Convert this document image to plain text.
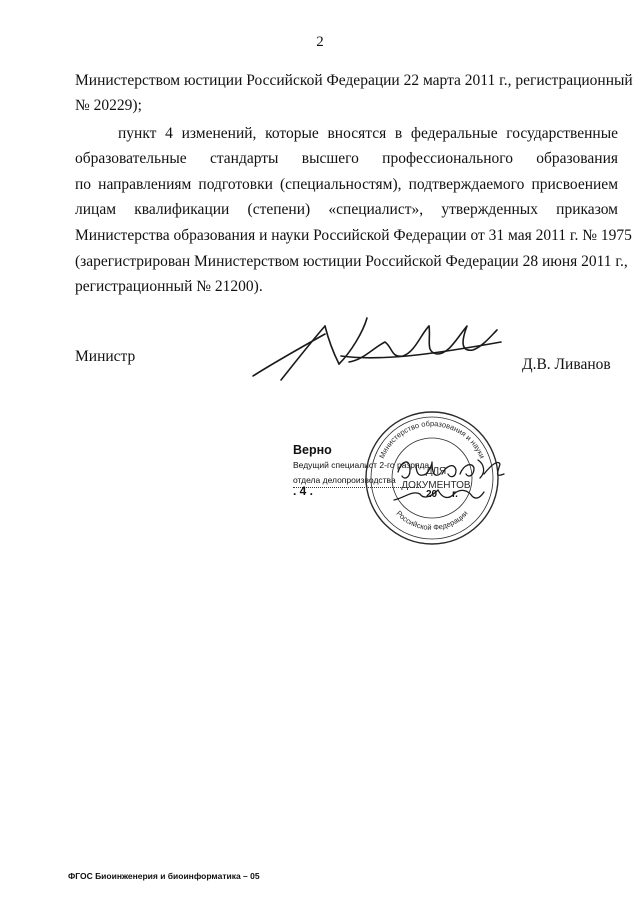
2
Министерством юстиции Российской Федерации 22 марта 2011 г., регистрационный
№ 20229);
пункт 4 изменений, которые вносятся в федеральные государственные
образовательные стандарты высшего профессионального образования
по направлениям подготовки (специальностям), подтверждаемого присвоением
лицам квалификации (степени) «специалист», утвержденных приказом
Министерства образования и науки Российской Федерации от 31 мая 2011 г. № 1975
(зарегистрирован Министерством юстиции Российской Федерации 28 июня 2011 г.,
регистрационный № 21200).
Министр	Д.В. Ливанов
Верно
Ведущий специалист 2-го разряда
отдела делопроизводства
. 4 .	20 г.
Министерство образования и науки
Российской Федерации
ДЛЯ
ДОКУМЕНТОВ
ФГОС Биоинженерия и биоинформатика – 05
